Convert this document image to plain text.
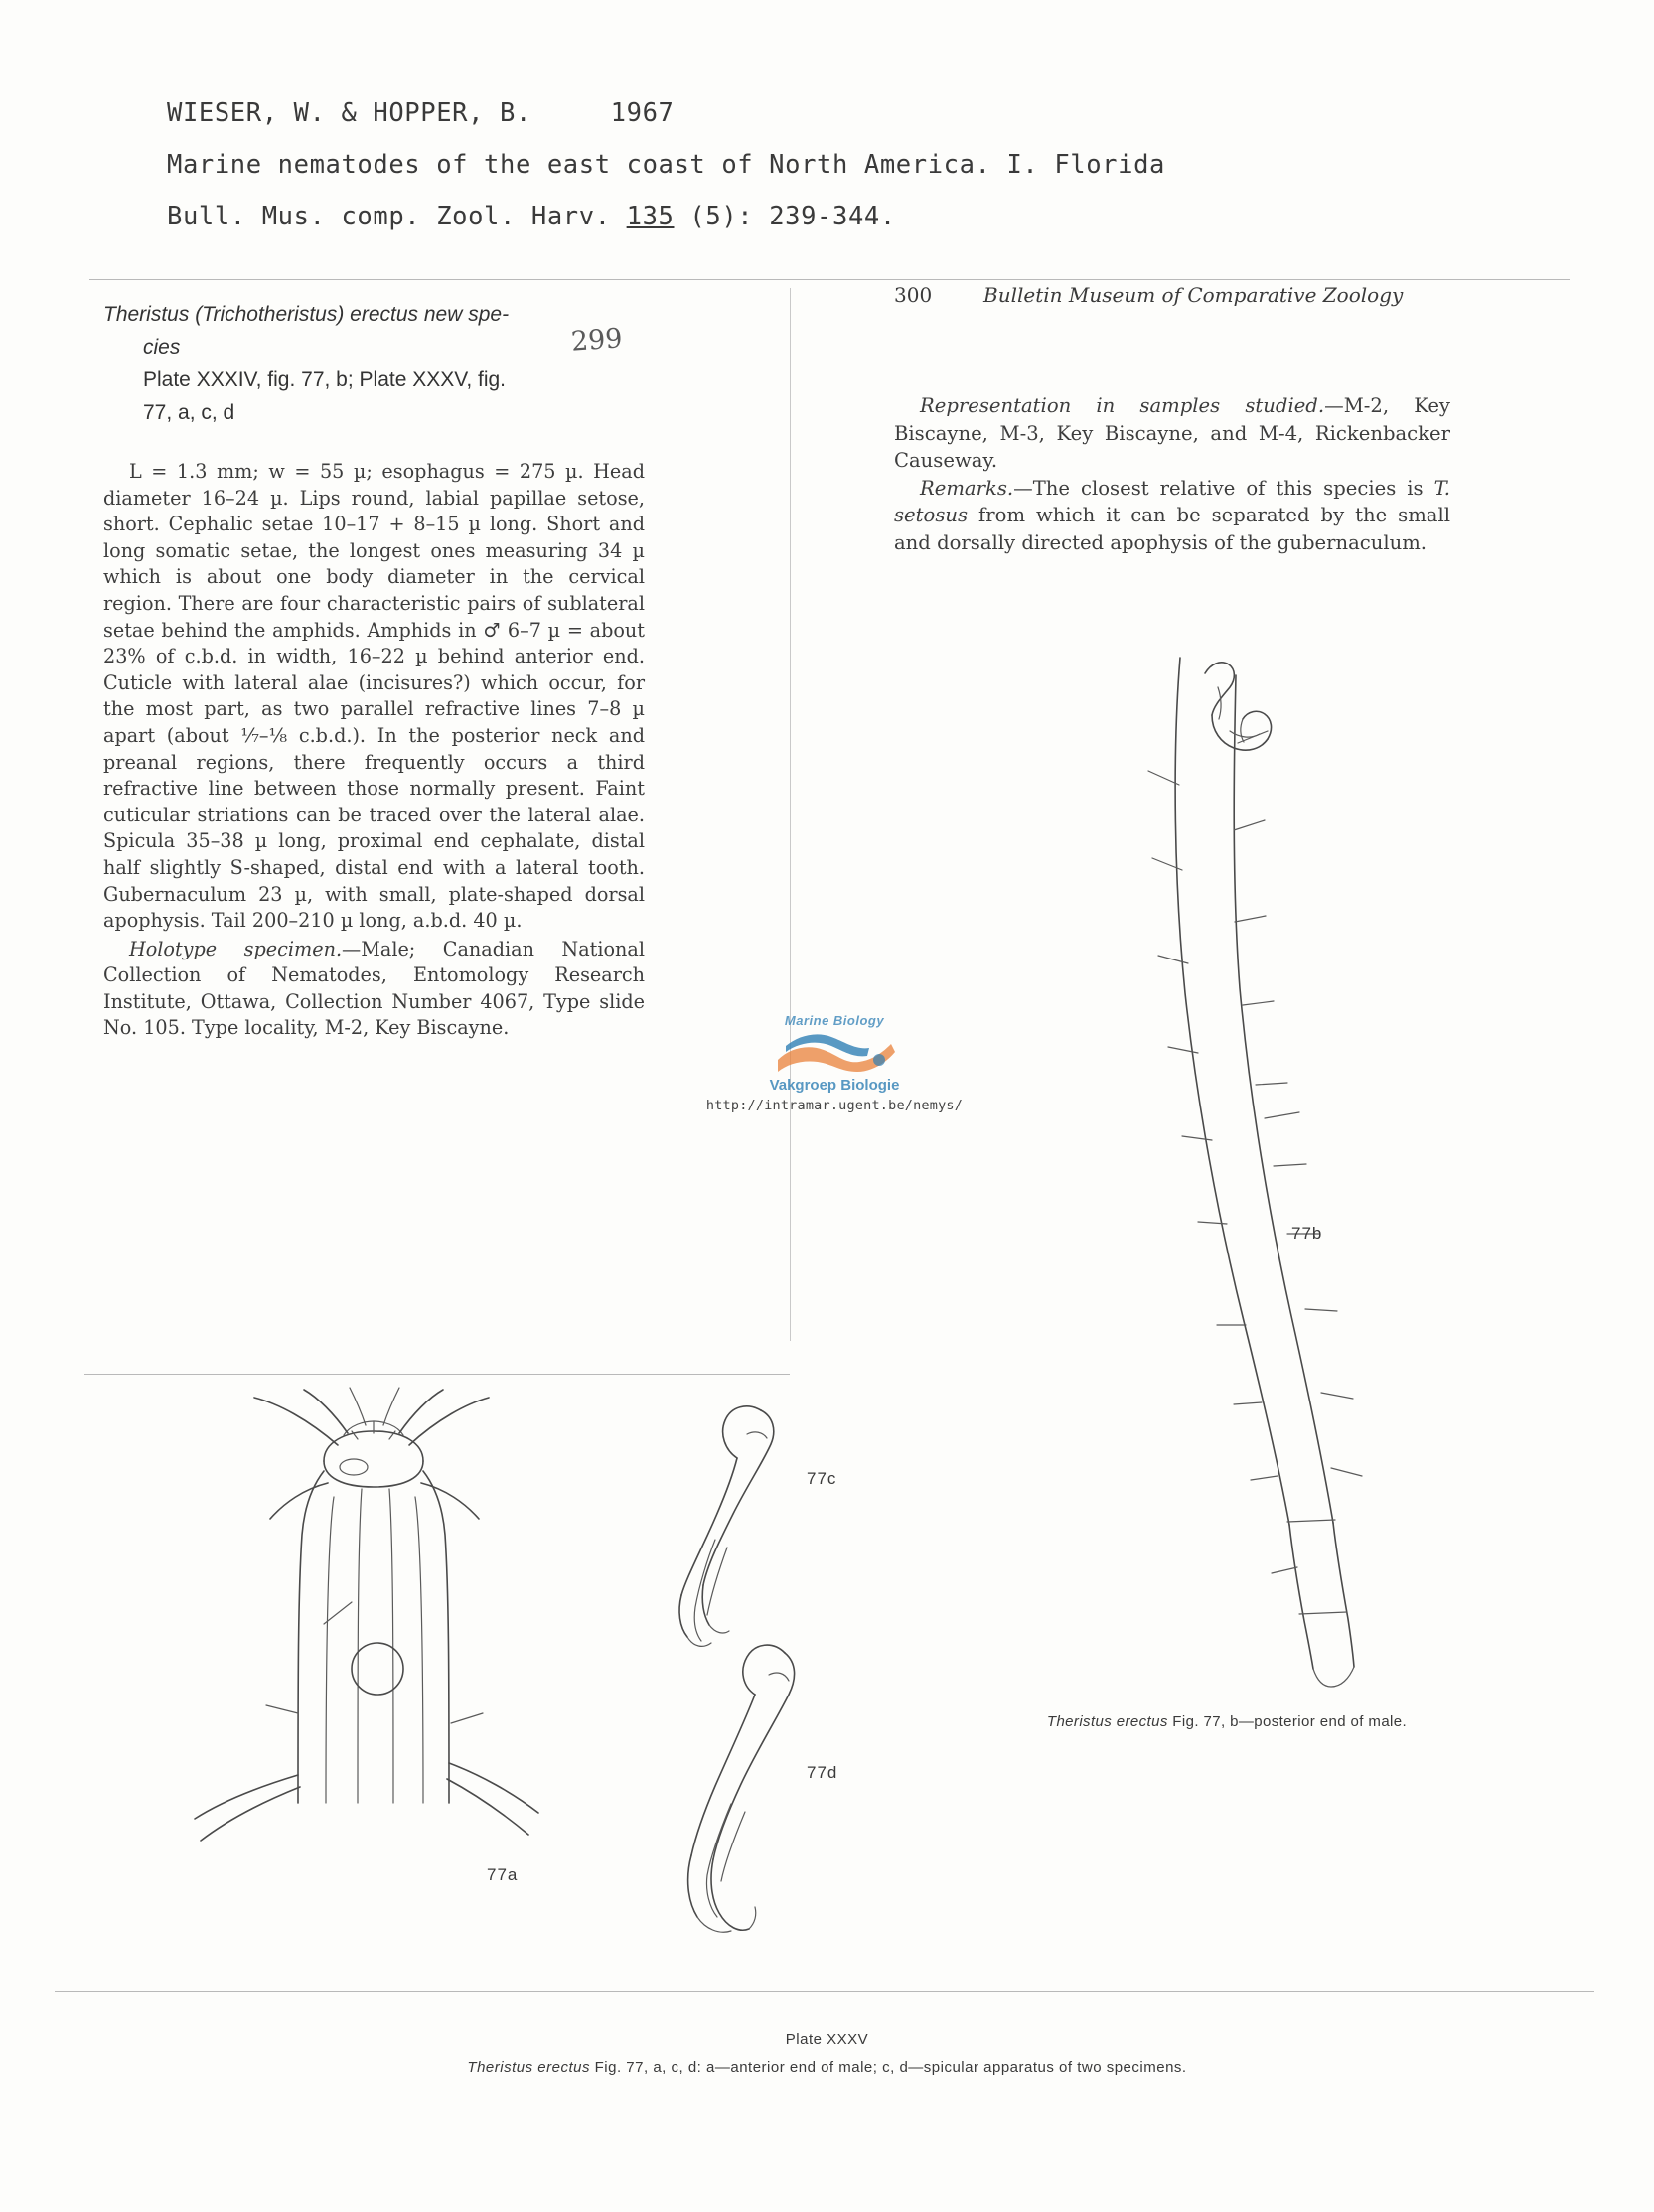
WIESER, W. & HOPPER, B.     1967
Marine nematodes of the east coast of North America. I. Florida
Bull. Mus. comp. Zool. Harv. 135 (5): 239-344.
Theristus (Trichotheristus) erectus new spe-
cies
Plate XXXIV, fig. 77, b; Plate XXXV, fig.
77, a, c, d
299

L = 1.3 mm; w = 55 µ; esophagus = 275 µ. Head diameter 16–24 µ. Lips round, labial papillae setose, short. Cephalic setae 10–17 + 8–15 µ long. Short and long somatic setae, the longest ones measuring 34 µ which is about one body diameter in the cervical region. There are four characteristic pairs of sublateral setae behind the amphids. Amphids in ♂ 6–7 µ = about 23% of c.b.d. in width, 16–22 µ behind anterior end. Cuticle with lateral alae (incisures?) which occur, for the most part, as two parallel refractive lines 7–8 µ apart (about ¹⁄₇–¹⁄₈ c.b.d.). In the posterior neck and preanal regions, there frequently occurs a third refractive line between those normally present. Faint cuticular striations can be traced over the lateral alae. Spicula 35–38 µ long, proximal end cephalate, distal half slightly S-shaped, distal end with a lateral tooth. Gubernaculum 23 µ, with small, plate-shaped dorsal apophysis. Tail 200–210 µ long, a.b.d. 40 µ.

Holotype specimen.—Male; Canadian National Collection of Nematodes, Entomology Research Institute, Ottawa, Collection Number 4067, Type slide No. 105. Type locality, M-2, Key Biscayne.

300	Bulletin Museum of Comparative Zoology

Representation in samples studied.—M-2, Key Biscayne, M-3, Key Biscayne, and M-4, Rickenbacker Causeway.

Remarks.—The closest relative of this species is T. setosus from which it can be separated by the small and dorsally directed apophysis of the gubernaculum.

77b
Theristus erectus Fig. 77, b—posterior end of male.
77a
77c
77d
Marine Biology
Vakgroep Biologie
http://intramar.ugent.be/nemys/
Plate XXXV
Theristus erectus Fig. 77, a, c, d: a—anterior end of male; c, d—spicular apparatus of two specimens.
